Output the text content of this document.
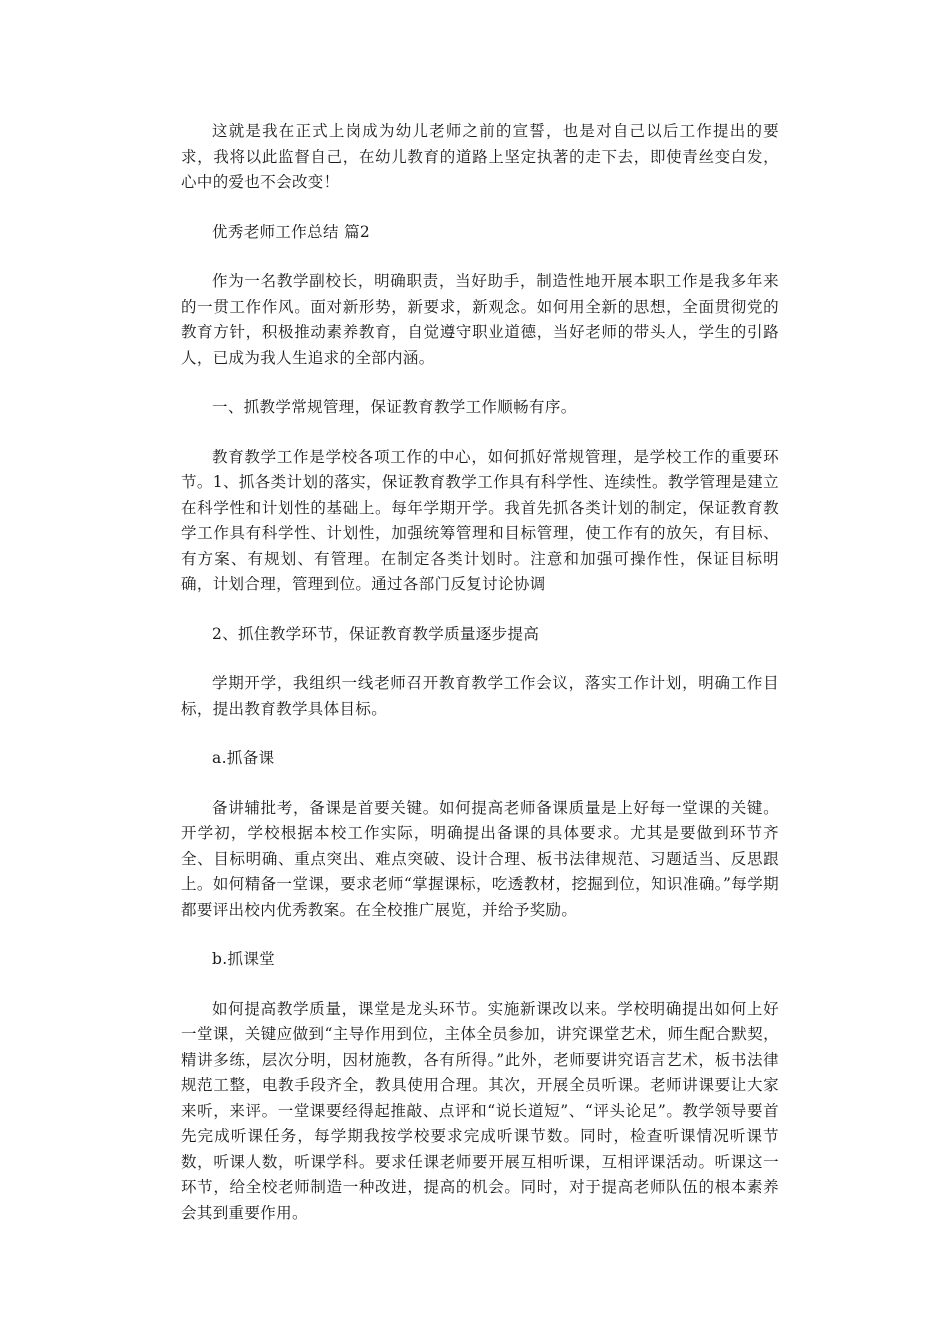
这就是我在正式上岗成为幼儿老师之前的宣誓，也是对自己以后工作提出的要求，我将以此监督自己，在幼儿教育的道路上坚定执著的走下去，即使青丝变白发，心中的爱也不会改变！

优秀老师工作总结 篇2

作为一名教学副校长，明确职责，当好助手，制造性地开展本职工作是我多年来的一贯工作作风。面对新形势，新要求，新观念。如何用全新的思想，全面贯彻党的教育方针，积极推动素养教育，自觉遵守职业道德，当好老师的带头人，学生的引路人，已成为我人生追求的全部内涵。

一、抓教学常规管理，保证教育教学工作顺畅有序。

教育教学工作是学校各项工作的中心，如何抓好常规管理，是学校工作的重要环节。1、抓各类计划的落实，保证教育教学工作具有科学性、连续性。教学管理是建立在科学性和计划性的基础上。每年学期开学。我首先抓各类计划的制定，保证教育教学工作具有科学性、计划性，加强统筹管理和目标管理，使工作有的放矢，有目标、有方案、有规划、有管理。在制定各类计划时。注意和加强可操作性，保证目标明确，计划合理，管理到位。通过各部门反复讨论协调

2、抓住教学环节，保证教育教学质量逐步提高

学期开学，我组织一线老师召开教育教学工作会议，落实工作计划，明确工作目标，提出教育教学具体目标。

a.抓备课

备讲辅批考，备课是首要关键。如何提高老师备课质量是上好每一堂课的关键。开学初，学校根据本校工作实际，明确提出备课的具体要求。尤其是要做到环节齐全、目标明确、重点突出、难点突破、设计合理、板书法律规范、习题适当、反思跟上。如何精备一堂课，要求老师“掌握课标，吃透教材，挖掘到位，知识准确。”每学期都要评出校内优秀教案。在全校推广展览，并给予奖励。

b.抓课堂

如何提高教学质量，课堂是龙头环节。实施新课改以来。学校明确提出如何上好一堂课，关键应做到“主导作用到位，主体全员参加，讲究课堂艺术，师生配合默契，精讲多练，层次分明，因材施教，各有所得。”此外，老师要讲究语言艺术，板书法律规范工整，电教手段齐全，教具使用合理。其次，开展全员听课。老师讲课要让大家来听，来评。一堂课要经得起推敲、点评和“说长道短”、“评头论足”。教学领导要首先完成听课任务，每学期我按学校要求完成听课节数。同时，检查听课情况听课节数，听课人数，听课学科。要求任课老师要开展互相听课，互相评课活动。听课这一环节，给全校老师制造一种改进，提高的机会。同时，对于提高老师队伍的根本素养会其到重要作用。
